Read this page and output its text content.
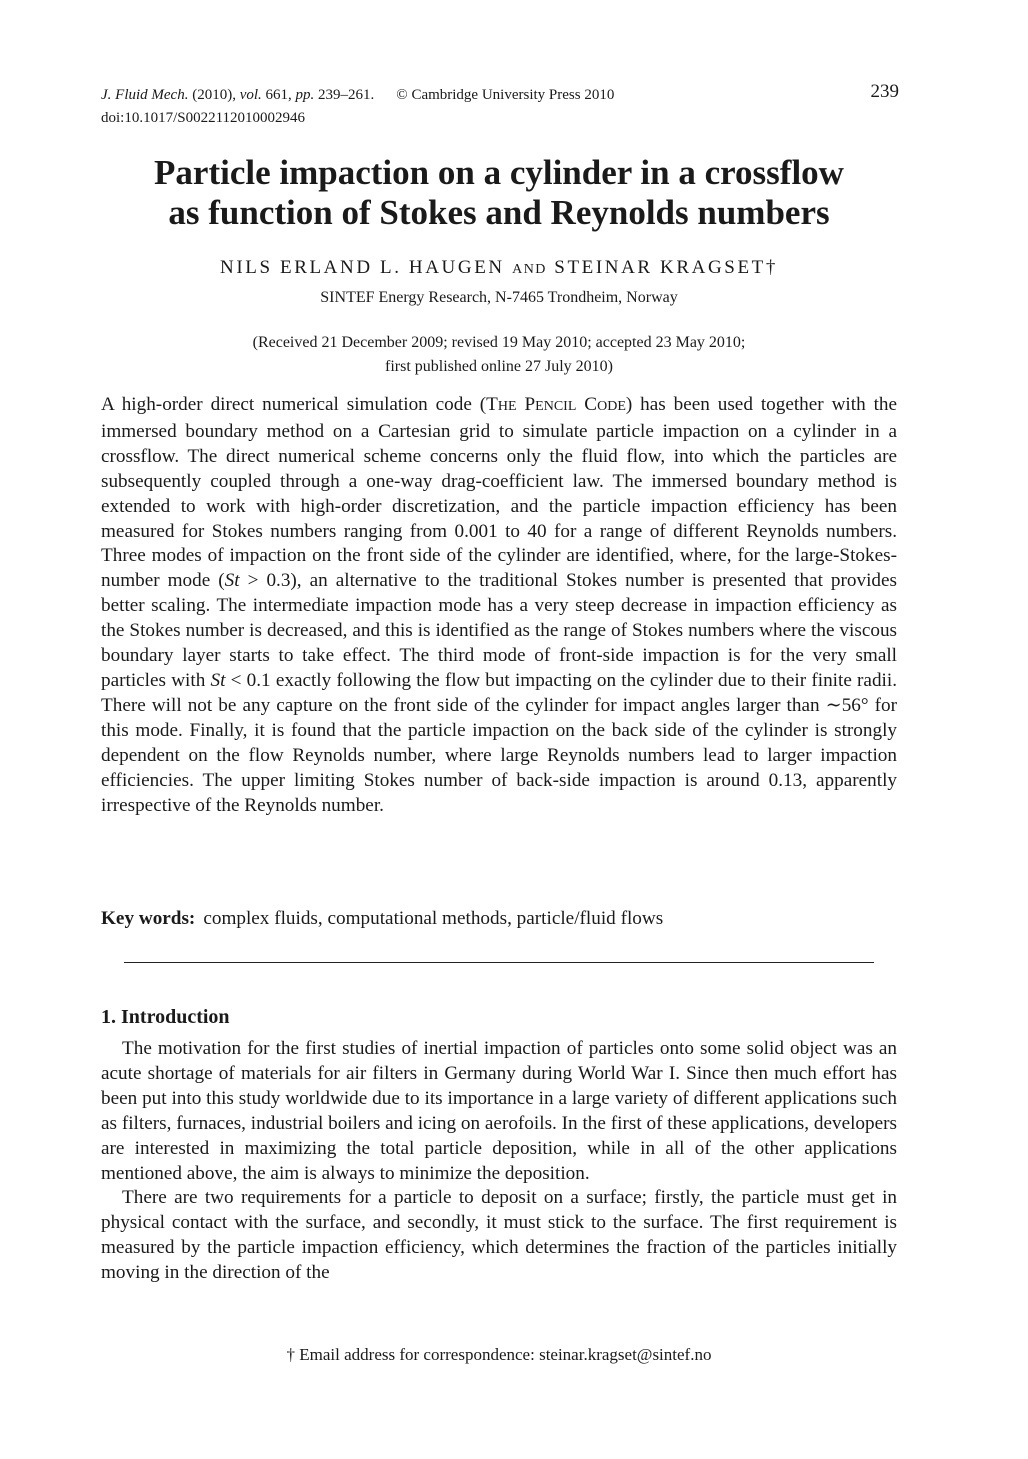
J. Fluid Mech. (2010), vol. 661, pp. 239–261. © Cambridge University Press 2010
doi:10.1017/S0022112010002946
239
Particle impaction on a cylinder in a crossflow
as function of Stokes and Reynolds numbers
NILS ERLAND L. HAUGEN AND STEINAR KRAGSET†
SINTEF Energy Research, N-7465 Trondheim, Norway
(Received 21 December 2009; revised 19 May 2010; accepted 23 May 2010;
first published online 27 July 2010)
A high-order direct numerical simulation code (THE PENCIL CODE) has been used together with the immersed boundary method on a Cartesian grid to simulate particle impaction on a cylinder in a crossflow. The direct numerical scheme concerns only the fluid flow, into which the particles are subsequently coupled through a one-way drag-coefficient law. The immersed boundary method is extended to work with high-order discretization, and the particle impaction efficiency has been measured for Stokes numbers ranging from 0.001 to 40 for a range of different Reynolds numbers. Three modes of impaction on the front side of the cylinder are identified, where, for the large-Stokes-number mode (St > 0.3), an alternative to the traditional Stokes number is presented that provides better scaling. The intermediate impaction mode has a very steep decrease in impaction efficiency as the Stokes number is decreased, and this is identified as the range of Stokes numbers where the viscous boundary layer starts to take effect. The third mode of front-side impaction is for the very small particles with St < 0.1 exactly following the flow but impacting on the cylinder due to their finite radii. There will not be any capture on the front side of the cylinder for impact angles larger than ∼56° for this mode. Finally, it is found that the particle impaction on the back side of the cylinder is strongly dependent on the flow Reynolds number, where large Reynolds numbers lead to larger impaction efficiencies. The upper limiting Stokes number of back-side impaction is around 0.13, apparently irrespective of the Reynolds number.
Key words: complex fluids, computational methods, particle/fluid flows
1. Introduction

The motivation for the first studies of inertial impaction of particles onto some solid object was an acute shortage of materials for air filters in Germany during World War I. Since then much effort has been put into this study worldwide due to its importance in a large variety of different applications such as filters, furnaces, industrial boilers and icing on aerofoils. In the first of these applications, developers are interested in maximizing the total particle deposition, while in all of the other applications mentioned above, the aim is always to minimize the deposition.

There are two requirements for a particle to deposit on a surface; firstly, the particle must get in physical contact with the surface, and secondly, it must stick to the surface. The first requirement is measured by the particle impaction efficiency, which determines the fraction of the particles initially moving in the direction of the

† Email address for correspondence: steinar.kragset@sintef.no
